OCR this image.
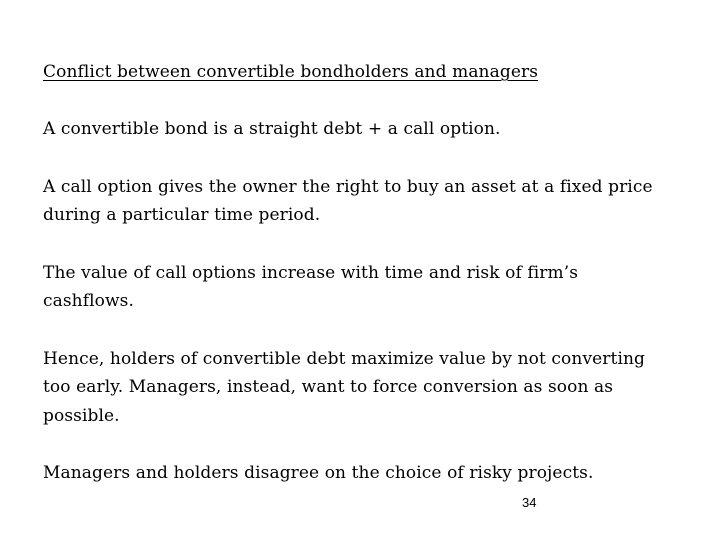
Conflict between convertible bondholders and managers

A convertible bond is a straight debt + a call option.

A call option gives the owner the right to buy an asset at a fixed price

during a particular time period.

The value of call options increase with time and risk of firm’s

cashflows.

Hence, holders of convertible debt maximize value by not converting

too early. Managers, instead, want to force conversion as soon as

possible.

Managers and holders disagree on the choice of risky projects.

34
